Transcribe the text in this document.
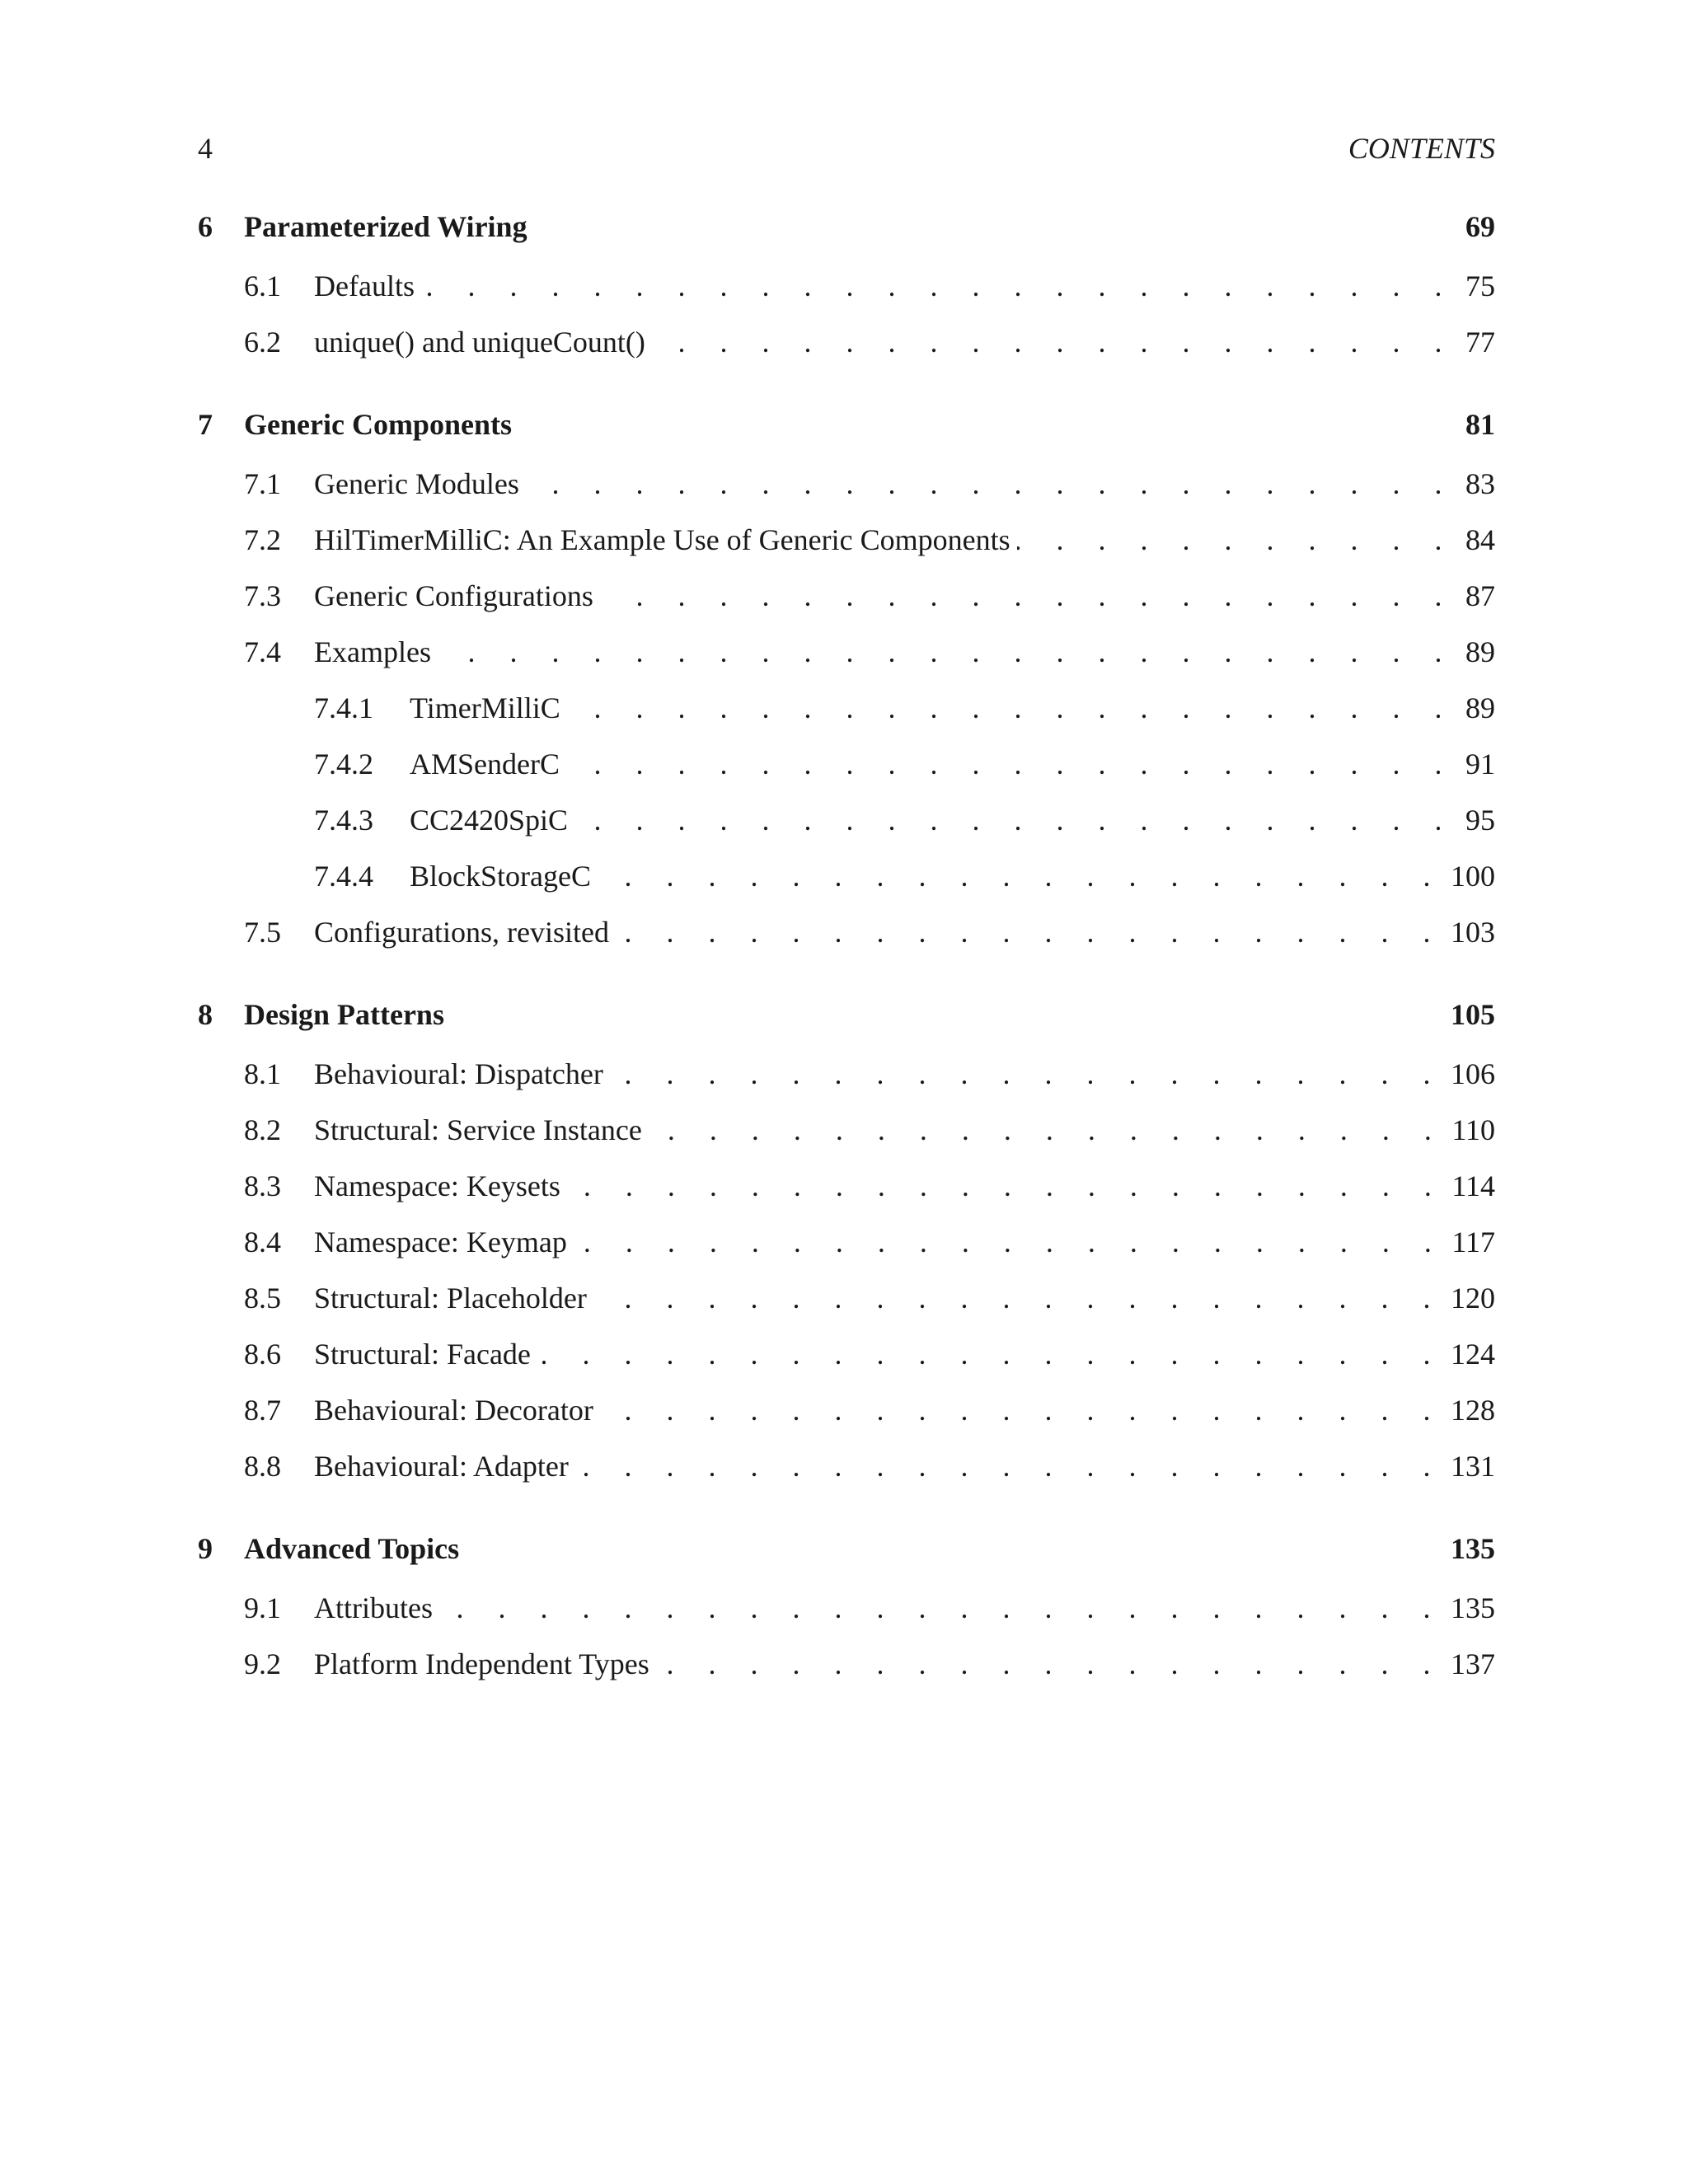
4	CONTENTS
6	Parameterized Wiring	69
6.1	Defaults . . .	75
6.2	unique() and uniqueCount() . . .	77
7	Generic Components	81
7.1	Generic Modules . . .	83
7.2	HilTimerMilliC: An Example Use of Generic Components . . .	84
7.3	Generic Configurations . . .	87
7.4	Examples . . .	89
7.4.1	TimerMilliC . . .	89
7.4.2	AMSenderC . . .	91
7.4.3	CC2420SpiC . . .	95
7.4.4	BlockStorageC . . .	100
7.5	Configurations, revisited . . .	103
8	Design Patterns	105
8.1	Behavioural: Dispatcher . . .	106
8.2	Structural: Service Instance . . .	110
8.3	Namespace: Keysets . . .	114
8.4	Namespace: Keymap . . .	117
8.5	Structural: Placeholder . . .	120
8.6	Structural: Facade . . .	124
8.7	Behavioural: Decorator . . .	128
8.8	Behavioural: Adapter . . .	131
9	Advanced Topics	135
9.1	Attributes . . .	135
9.2	Platform Independent Types . . .	137
